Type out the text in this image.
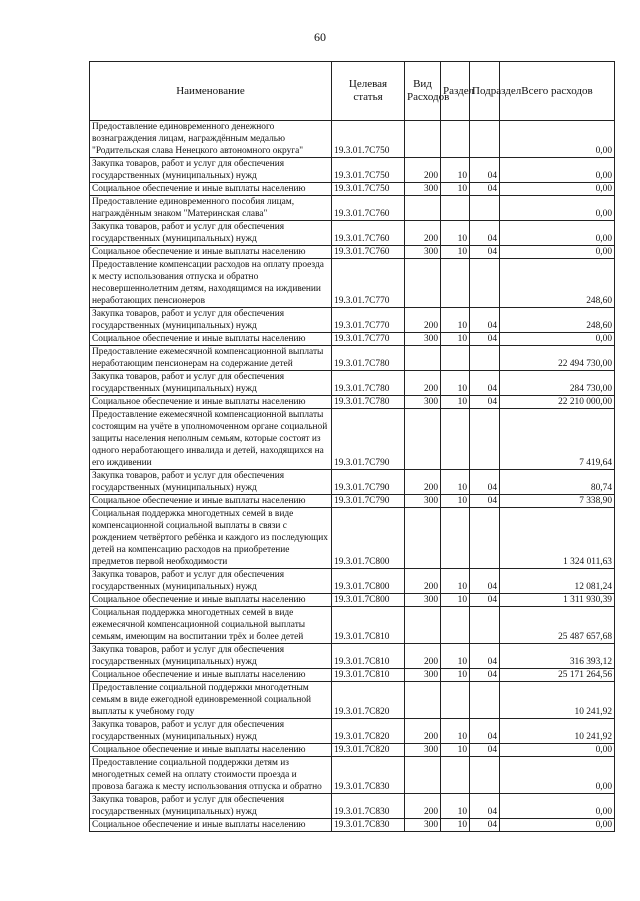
60
Наименование	Целевая статья	Вид Расходов	Раздел	Подраздел	Всего расходов
Предоставление единовременного денежного вознаграждения лицам, награждённым медалью "Родительская слава Ненецкого автономного округа"	19.3.01.7С750				0,00
Закупка товаров, работ и услуг для обеспечения государственных (муниципальных) нужд	19.3.01.7С750	200	10	04	0,00
Социальное обеспечение и иные выплаты населению	19.3.01.7С750	300	10	04	0,00
Предоставление единовременного пособия лицам, награждённым знаком "Материнская слава"	19.3.01.7С760				0,00
Закупка товаров, работ и услуг для обеспечения государственных (муниципальных) нужд	19.3.01.7С760	200	10	04	0,00
Социальное обеспечение и иные выплаты населению	19.3.01.7С760	300	10	04	0,00
Предоставление компенсации расходов на оплату проезда к месту использования отпуска и обратно несовершеннолетним детям, находящимся на иждивении неработающих пенсионеров	19.3.01.7С770				248,60
Закупка товаров, работ и услуг для обеспечения государственных (муниципальных) нужд	19.3.01.7С770	200	10	04	248,60
Социальное обеспечение и иные выплаты населению	19.3.01.7С770	300	10	04	0,00
Предоставление ежемесячной компенсационной выплаты неработающим пенсионерам на содержание детей	19.3.01.7С780				22 494 730,00
Закупка товаров, работ и услуг для обеспечения государственных (муниципальных) нужд	19.3.01.7С780	200	10	04	284 730,00
Социальное обеспечение и иные выплаты населению	19.3.01.7С780	300	10	04	22 210 000,00
Предоставление ежемесячной компенсационной выплаты состоящим на учёте в уполномоченном органе социальной защиты населения неполным семьям, которые состоят из одного неработающего инвалида и детей, находящихся на его иждивении	19.3.01.7С790				7 419,64
Закупка товаров, работ и услуг для обеспечения государственных (муниципальных) нужд	19.3.01.7С790	200	10	04	80,74
Социальное обеспечение и иные выплаты населению	19.3.01.7С790	300	10	04	7 338,90
Социальная поддержка многодетных семей в виде компенсационной социальной выплаты в связи с рождением четвёртого ребёнка и каждого из последующих детей на компенсацию расходов на приобретение предметов первой необходимости	19.3.01.7С800				1 324 011,63
Закупка товаров, работ и услуг для обеспечения государственных (муниципальных) нужд	19.3.01.7С800	200	10	04	12 081,24
Социальное обеспечение и иные выплаты населению	19.3.01.7С800	300	10	04	1 311 930,39
Социальная поддержка многодетных семей в виде ежемесячной компенсационной социальной выплаты семьям, имеющим на воспитании трёх и более детей	19.3.01.7С810				25 487 657,68
Закупка товаров, работ и услуг для обеспечения государственных (муниципальных) нужд	19.3.01.7С810	200	10	04	316 393,12
Социальное обеспечение и иные выплаты населению	19.3.01.7С810	300	10	04	25 171 264,56
Предоставление социальной поддержки многодетным семьям в виде ежегодной единовременной социальной выплаты к учебному году	19.3.01.7С820				10 241,92
Закупка товаров, работ и услуг для обеспечения государственных (муниципальных) нужд	19.3.01.7С820	200	10	04	10 241,92
Социальное обеспечение и иные выплаты населению	19.3.01.7С820	300	10	04	0,00
Предоставление социальной поддержки детям из многодетных семей на оплату стоимости проезда и провоза багажа к месту использования отпуска и обратно	19.3.01.7С830				0,00
Закупка товаров, работ и услуг для обеспечения государственных (муниципальных) нужд	19.3.01.7С830	200	10	04	0,00
Социальное обеспечение и иные выплаты населению	19.3.01.7С830	300	10	04	0,00
